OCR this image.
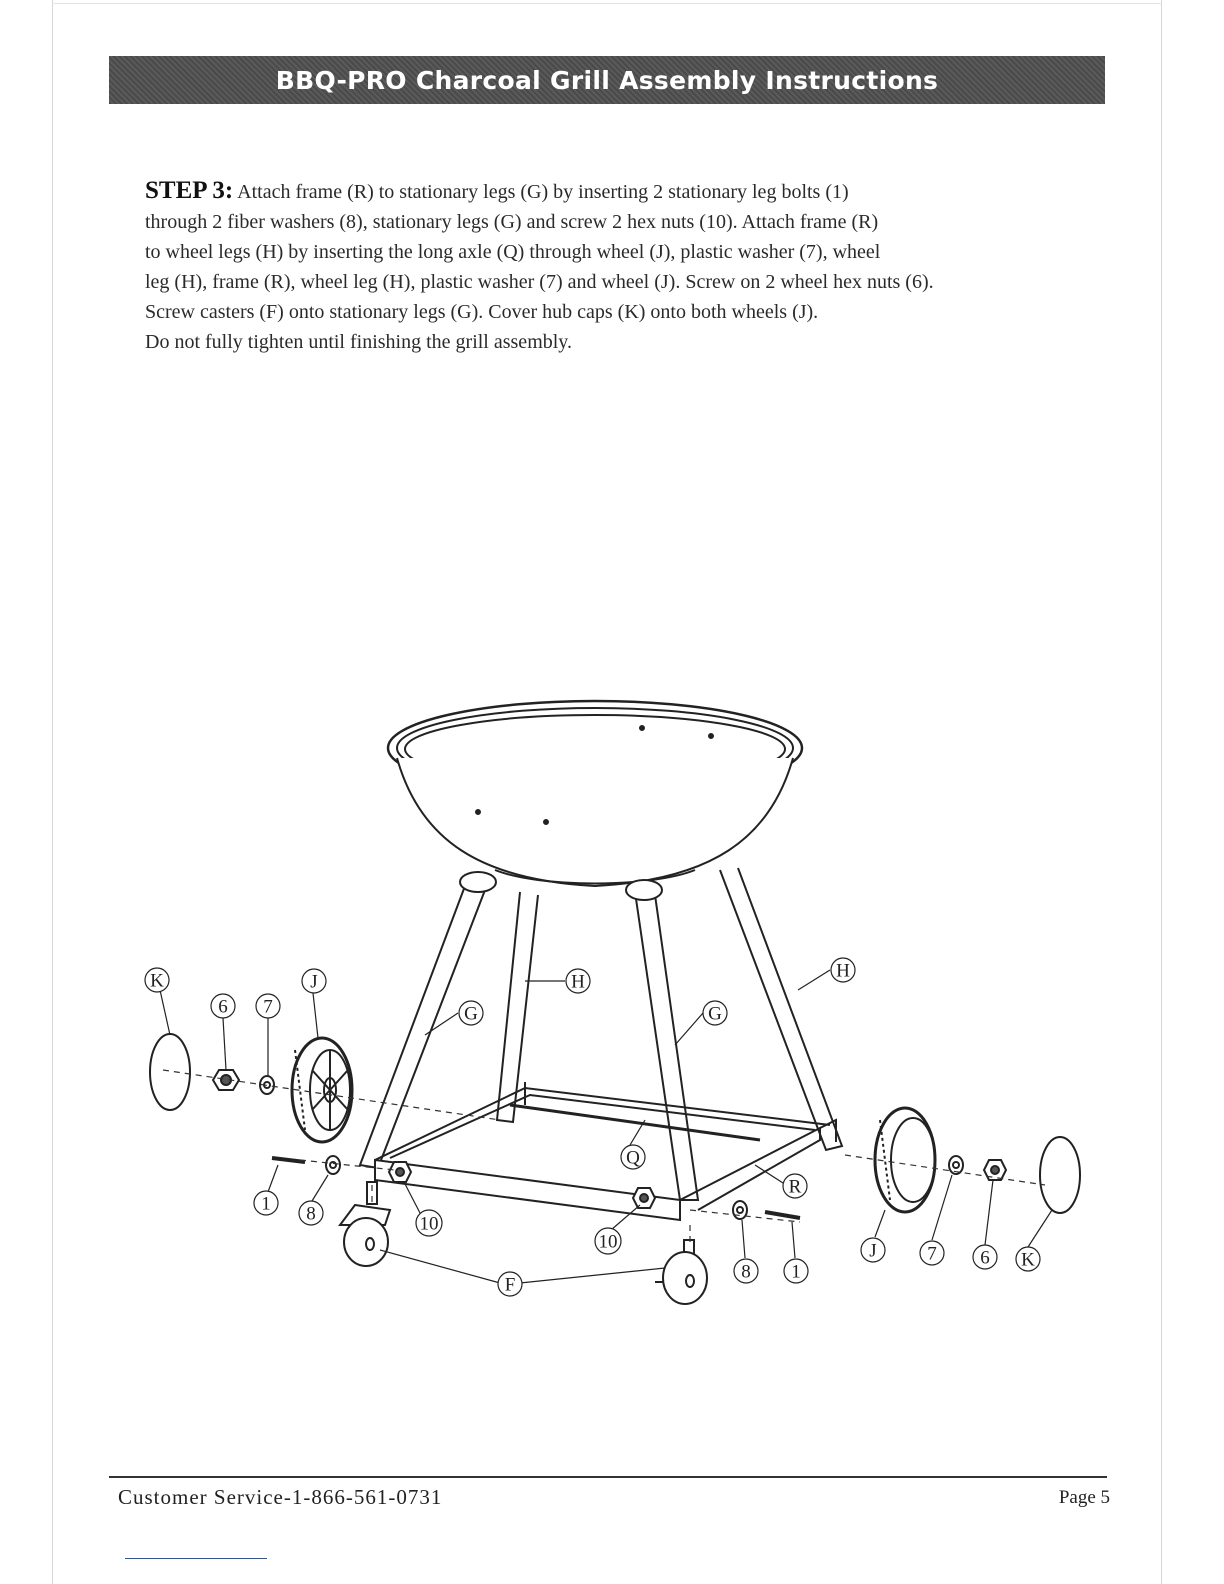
BBQ-PRO Charcoal Grill Assembly Instructions
STEP 3: Attach frame (R) to stationary legs (G) by inserting 2 stationary leg bolts (1)
through 2 fiber washers (8), stationary legs (G) and screw 2 hex nuts (10). Attach frame (R)
to wheel legs (H) by inserting the long axle (Q) through wheel (J), plastic washer (7), wheel
leg (H), frame (R), wheel leg (H), plastic washer (7) and wheel (J). Screw on 2 wheel hex nuts (6).
Screw casters (F) onto stationary legs (G). Cover hub caps (K) onto both wheels (J).
Do not fully tighten until finishing the grill assembly.
K
6 7
J
G
H
G
H
Q
R
1 8	10
10
F
8 1
J	7 6 K
Customer Service-1-866-561-0731	Page 5
